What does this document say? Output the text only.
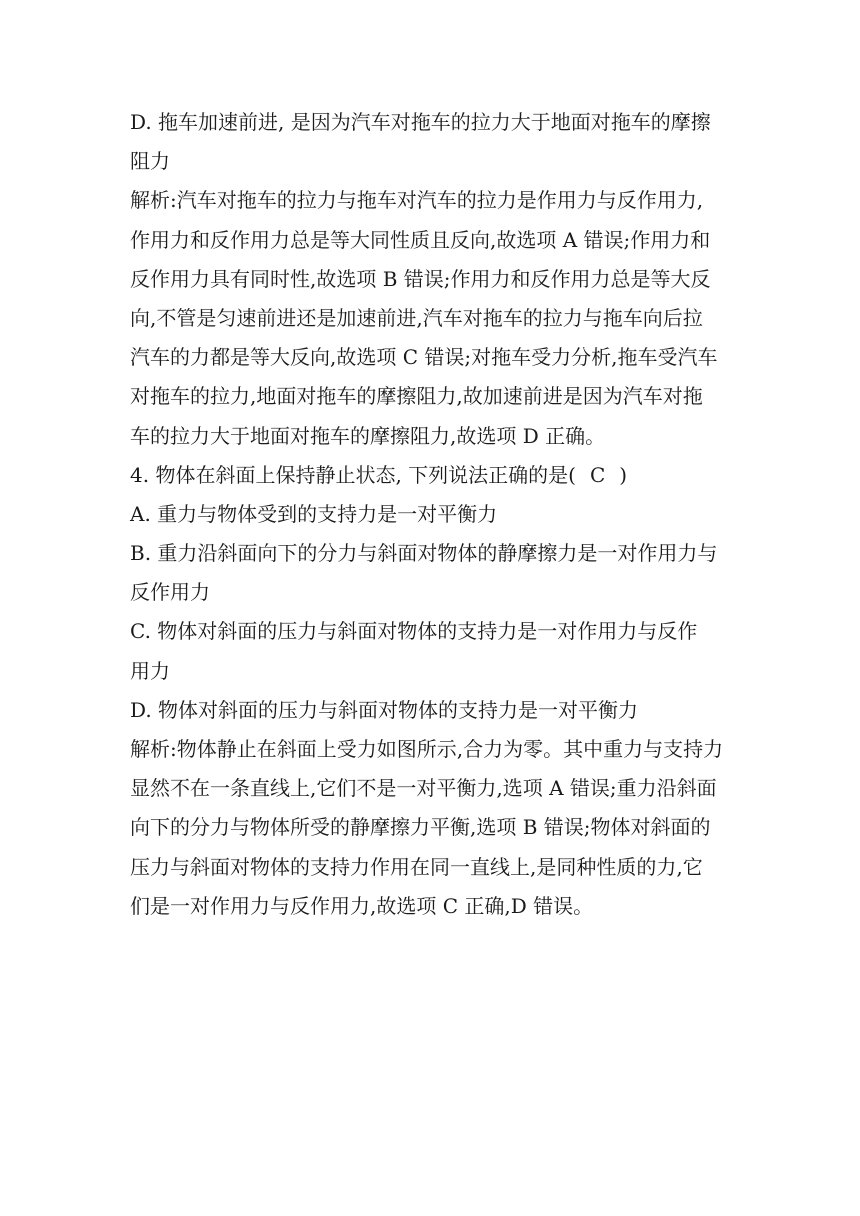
D. 拖车加速前进, 是因为汽车对拖车的拉力大于地面对拖车的摩擦
阻力
解析:汽车对拖车的拉力与拖车对汽车的拉力是作用力与反作用力,
作用力和反作用力总是等大同性质且反向,故选项 A 错误;作用力和
反作用力具有同时性,故选项 B 错误;作用力和反作用力总是等大反
向,不管是匀速前进还是加速前进,汽车对拖车的拉力与拖车向后拉
汽车的力都是等大反向,故选项 C 错误;对拖车受力分析,拖车受汽车
对拖车的拉力,地面对拖车的摩擦阻力,故加速前进是因为汽车对拖
车的拉力大于地面对拖车的摩擦阻力,故选项 D 正确。
4. 物体在斜面上保持静止状态, 下列说法正确的是( C )
A. 重力与物体受到的支持力是一对平衡力
B. 重力沿斜面向下的分力与斜面对物体的静摩擦力是一对作用力与
反作用力
C. 物体对斜面的压力与斜面对物体的支持力是一对作用力与反作
用力
D. 物体对斜面的压力与斜面对物体的支持力是一对平衡力
解析:物体静止在斜面上受力如图所示,合力为零。其中重力与支持力
显然不在一条直线上,它们不是一对平衡力,选项 A 错误;重力沿斜面
向下的分力与物体所受的静摩擦力平衡,选项 B 错误;物体对斜面的
压力与斜面对物体的支持力作用在同一直线上,是同种性质的力,它
们是一对作用力与反作用力,故选项 C 正确,D 错误。
